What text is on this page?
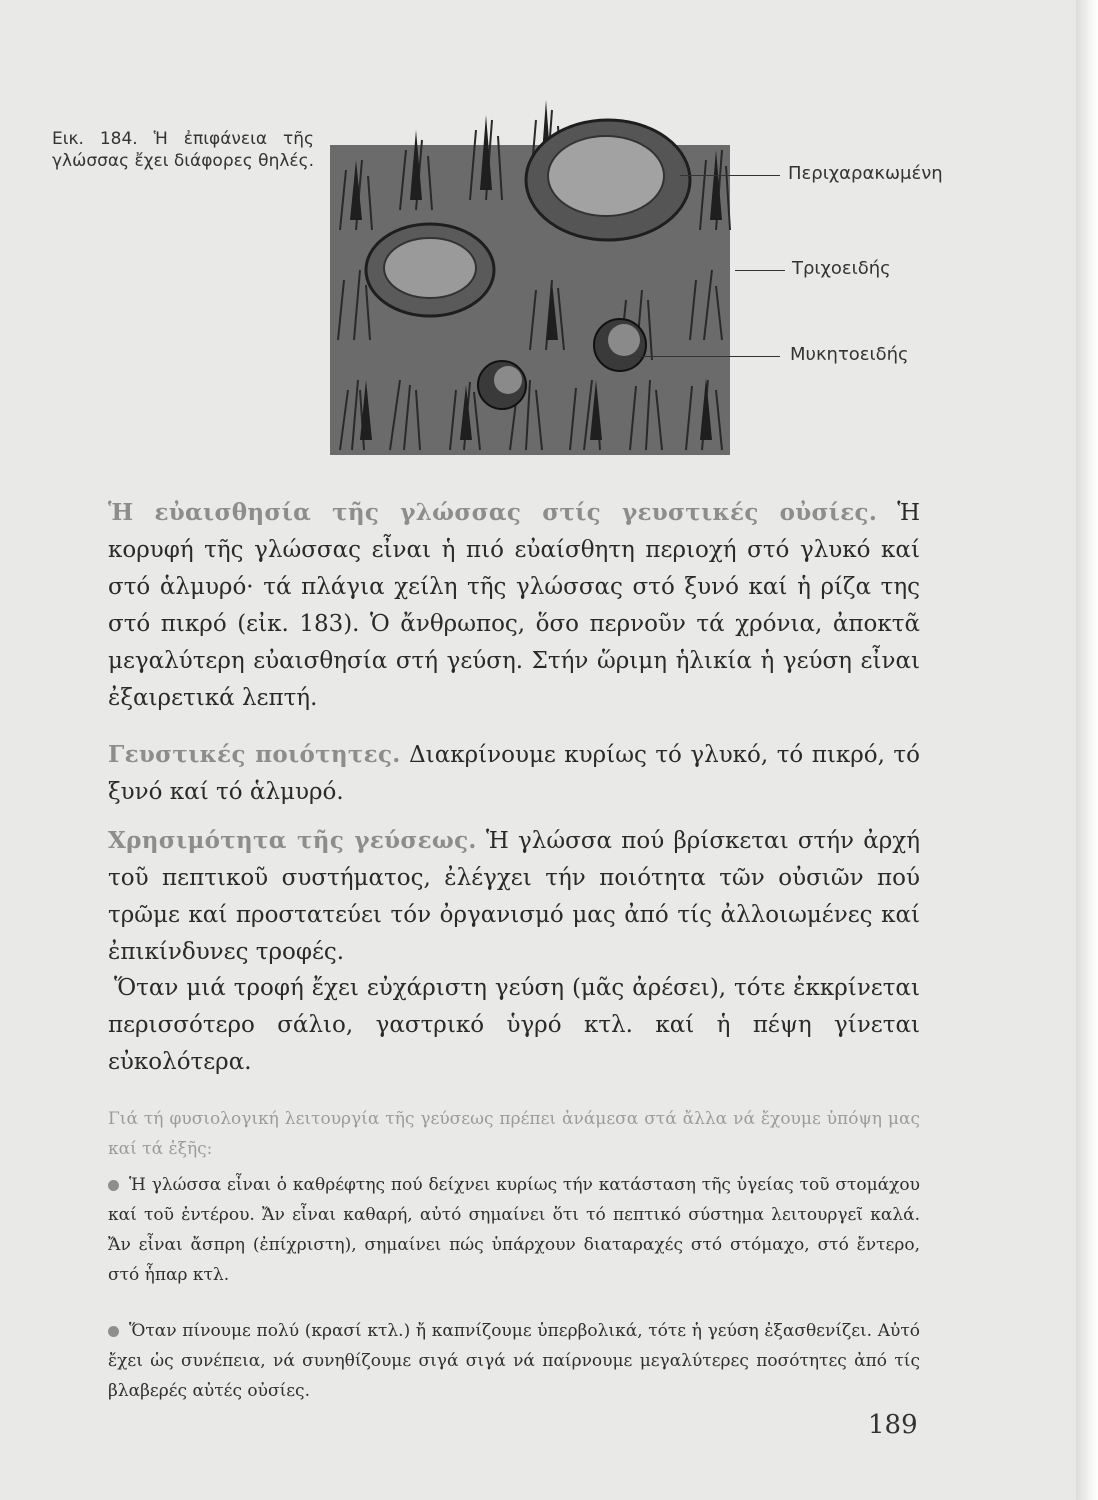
Εικ. 184. Ἡ ἐπιφάνεια τῆς γλώσσας ἔχει διάφορες θηλές.
Περιχαρακωμένη
Τριχοειδής
Μυκητοειδής
Ἡ εὐαισθησία τῆς γλώσσας στίς γευστικές οὐσίες. Ἡ κορυφή τῆς γλώσσας εἶναι ἡ πιό εὐαίσθητη περιοχή στό γλυκό καί στό ἁλμυρό· τά πλάγια χείλη τῆς γλώσσας στό ξυνό καί ἡ ρίζα της στό πικρό (εἰκ. 183). Ὁ ἄνθρωπος, ὅσο περνοῦν τά χρόνια, ἀποκτᾶ μεγαλύτερη εὐαισθησία στή γεύση. Στήν ὥριμη ἡλικία ἡ γεύση εἶναι ἐξαιρετικά λεπτή.
Γευστικές ποιότητες. Διακρίνουμε κυρίως τό γλυκό, τό πικρό, τό ξυνό καί τό ἁλμυρό.
Χρησιμότητα τῆς γεύσεως. Ἡ γλώσσα πού βρίσκεται στήν ἀρχή τοῦ πεπτικοῦ συστήματος, ἐλέγχει τήν ποιότητα τῶν οὐσιῶν πού τρῶμε καί προστατεύει τόν ὀργανισμό μας ἀπό τίς ἀλλοιωμένες καί ἐπικίνδυνες τροφές.
Ὅταν μιά τροφή ἔχει εὐχάριστη γεύση (μᾶς ἀρέσει), τότε ἐκκρίνεται περισσότερο σάλιο, γαστρικό ὑγρό κτλ. καί ἡ πέψη γίνεται εὐκολότερα.
Γιά τή φυσιολογική λειτουργία τῆς γεύσεως πρέπει ἀνάμεσα στά ἄλλα νά ἔχουμε ὑπόψη μας καί τά ἑξῆς:
Ἡ γλώσσα εἶναι ὁ καθρέφτης πού δείχνει κυρίως τήν κατάσταση τῆς ὑγείας τοῦ στομάχου καί τοῦ ἐντέρου. Ἄν εἶναι καθαρή, αὐτό σημαίνει ὅτι τό πεπτικό σύστημα λειτουργεῖ καλά. Ἄν εἶναι ἄσπρη (ἐπίχριστη), σημαίνει πώς ὑπάρχουν διαταραχές στό στόμαχο, στό ἔντερο, στό ἧπαρ κτλ.
Ὅταν πίνουμε πολύ (κρασί κτλ.) ἤ καπνίζουμε ὑπερβολικά, τότε ἡ γεύση ἐξασθενίζει. Αὐτό ἔχει ὡς συνέπεια, νά συνηθίζουμε σιγά σιγά νά παίρνουμε μεγαλύτερες ποσότητες ἀπό τίς βλαβερές αὐτές οὐσίες.
189
